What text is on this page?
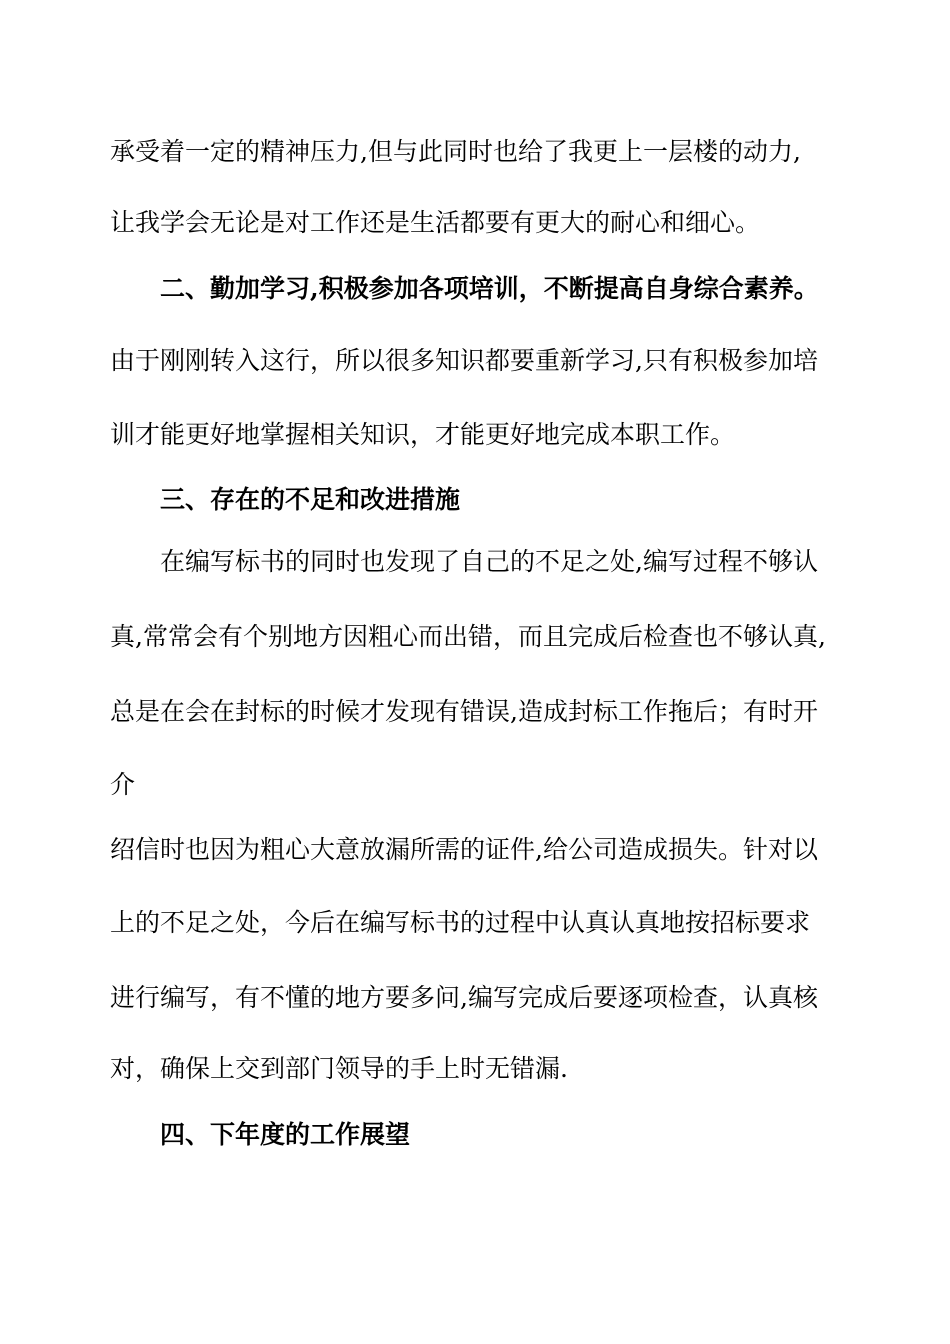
承受着一定的精神压力,但与此同时也给了我更上一层楼的动力,
让我学会无论是对工作还是生活都要有更大的耐心和细心。
二、勤加学习,积极参加各项培训，不断提高自身综合素养。
由于刚刚转入这行，所以很多知识都要重新学习,只有积极参加培
训才能更好地掌握相关知识，才能更好地完成本职工作。
三、存在的不足和改进措施
在编写标书的同时也发现了自己的不足之处,编写过程不够认
真,常常会有个别地方因粗心而出错，而且完成后检查也不够认真,
总是在会在封标的时候才发现有错误,造成封标工作拖后；有时开
介
绍信时也因为粗心大意放漏所需的证件,给公司造成损失。针对以
上的不足之处，今后在编写标书的过程中认真认真地按招标要求
进行编写，有不懂的地方要多问,编写完成后要逐项检查，认真核
对，确保上交到部门领导的手上时无错漏.
四、下年度的工作展望
